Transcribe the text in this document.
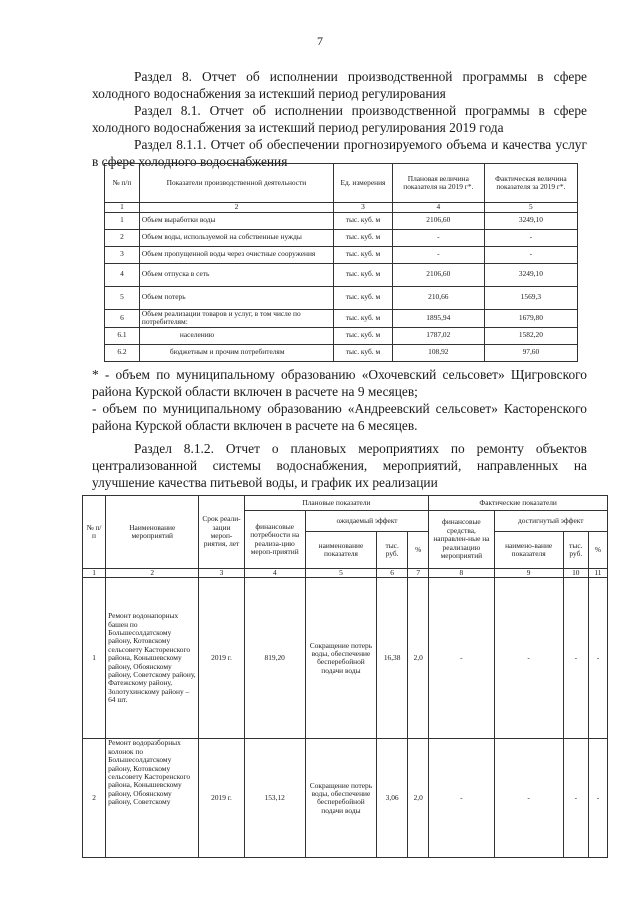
7
Раздел 8. Отчет об исполнении производственной программы в сфере холодного водоснабжения за истекший период регулирования
Раздел 8.1. Отчет об исполнении производственной программы в сфере холодного водоснабжения за истекший период регулирования 2019 года
Раздел 8.1.1. Отчет об обеспечении прогнозируемого объема и качества услуг в сфере холодного водоснабжения
№ п/п	Показатели производственной деятельности	Ед. измерения	Плановая величина показателя на 2019 г*.	Фактическая величина показателя за 2019 г*.
1	2	3	4	5
1	Объем выработки воды	тыс. куб. м	2106,60	3249,10
2	Объем воды, используемой на собственные нужды	тыс. куб. м	-	-
3	Объем пропущенной воды через очистные сооружения	тыс. куб. м	-	-
4	Объем отпуска в сеть	тыс. куб. м	2106,60	3249,10
5	Объем потерь	тыс. куб. м	210,66	1569,3
6	Объем реализации товаров и услуг, в том числе по потребителям:	тыс. куб. м	1895,94	1679,80
6.1	населению	тыс. куб. м	1787,02	1582,20
6.2	бюджетным и прочим потребителям	тыс. куб. м	108,92	97,60
* - объем по муниципальному образованию «Охочевский сельсовет» Щигровского района Курской области включен в расчете на 9 месяцев;
- объем по муниципальному образованию «Андреевский сельсовет» Касторенского района Курской области включен в расчете на 6 месяцев.
Раздел 8.1.2. Отчет о плановых мероприятиях по ремонту объектов централизованной системы водоснабжения, мероприятий, направленных на улучшение качества питьевой воды, и график их реализации
№ п/п	Наименование мероприятий	Срок реали-зации мероп-риятия, лет	Плановые показатели				Фактические показатели			
			финансовые потребности на реализа-цию мероп-приятий	ожидаемый эффект			финансовые средства, направлен-ные на реализацию мероприятий	достигнутый эффект		
				наименование показателя	тыс. руб.	%		наимено-вание показателя	тыс. руб.	%
1	2	3	4	5	6	7	8	9	10	11
1	Ремонт водонапорных башен по Большесолдатскому району, Котовскому сельсовету Касторенского района, Конышевскому району, Обоянскому району, Советскому району, Фатежскому району, Золотухинскому району – 64 шт.	2019 г.	819,20	Сокращение потерь воды, обеспечение бесперебойной подачи воды	16,38	2,0	-	-	-	-
2	Ремонт водоразборных колонок по Большесолдатскому району, Котовскому сельсовету Касторенского района, Конышевскому району, Обоянскому району, Советскому	2019 г.	153,12	Сокращение потерь воды, обеспечение бесперебойной подачи воды	3,06	2,0	-	-	-	-
